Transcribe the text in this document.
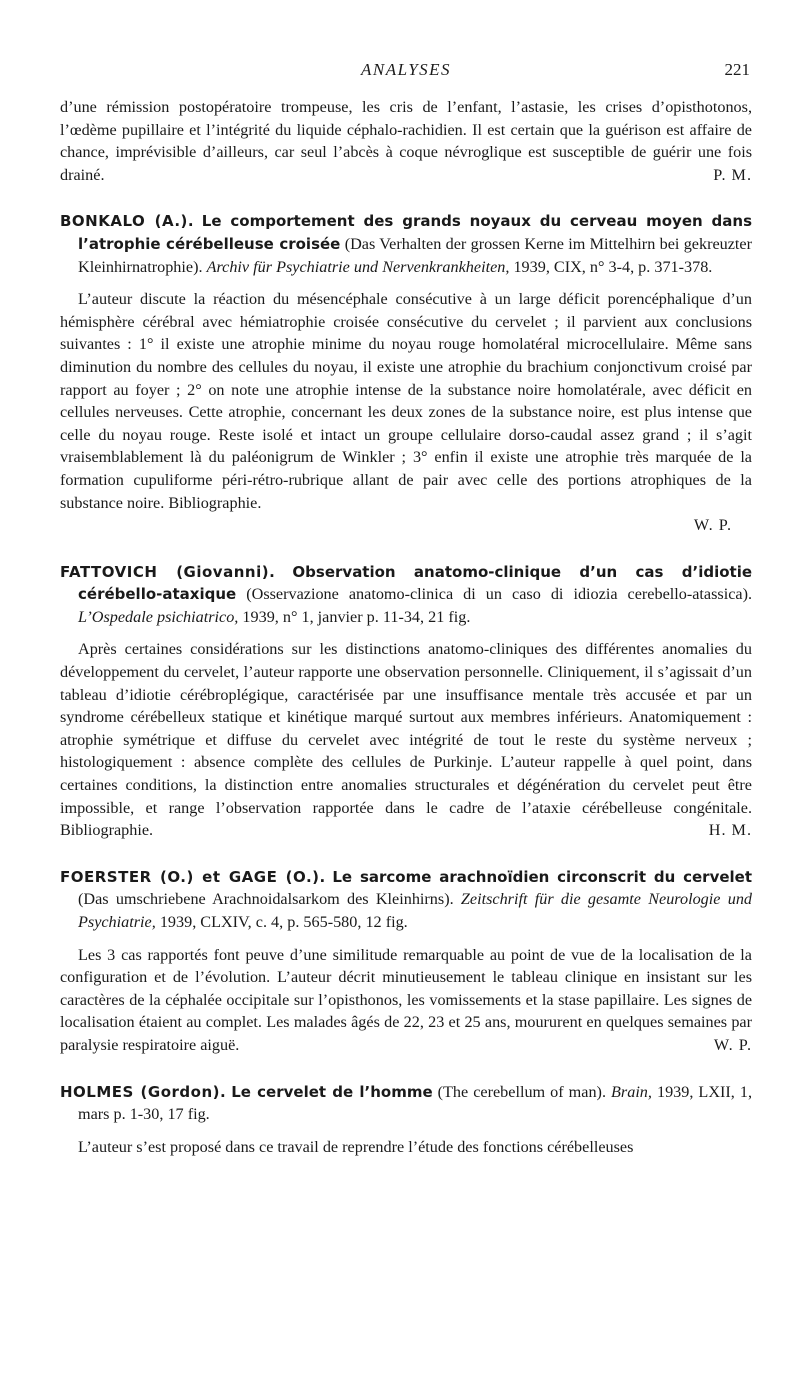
ANALYSES	221

d’une rémission postopératoire trompeuse, les cris de l’enfant, l’astasie, les crises d’opisthotonos, l’œdème pupillaire et l’intégrité du liquide céphalo-rachidien. Il est certain que la guérison est affaire de chance, imprévisible d’ailleurs, car seul l’abcès à coque névroglique est susceptible de guérir une fois drainé.	P. M.

BONKALO (A.). Le comportement des grands noyaux du cerveau moyen dans l’atrophie cérébelleuse croisée (Das Verhalten der grossen Kerne im Mittelhirn bei gekreuzter Kleinhirnatrophie). Archiv für Psychiatrie und Nervenkrankheiten, 1939, CIX, n° 3-4, p. 371-378.

L’auteur discute la réaction du mésencéphale consécutive à un large déficit porencéphalique d’un hémisphère cérébral avec hémiatrophie croisée consécutive du cervelet ; il parvient aux conclusions suivantes : 1° il existe une atrophie minime du noyau rouge homolatéral microcellulaire. Même sans diminution du nombre des cellules du noyau, il existe une atrophie du brachium conjonctivum croisé par rapport au foyer ; 2° on note une atrophie intense de la substance noire homolatérale, avec déficit en cellules nerveuses. Cette atrophie, concernant les deux zones de la substance noire, est plus intense que celle du noyau rouge. Reste isolé et intact un groupe cellulaire dorso-caudal assez grand ; il s’agit vraisemblablement là du paléonigrum de Winkler ; 3° enfin il existe une atrophie très marquée de la formation cupuliforme péri-rétro-rubrique allant de pair avec celle des portions atrophiques de la substance noire. Bibliographie.

W. P.

FATTOVICH (Giovanni). Observation anatomo-clinique d’un cas d’idiotie cérébello-ataxique (Osservazione anatomo-clinica di un caso di idiozia cerebello-atassica). L’Ospedale psichiatrico, 1939, n° 1, janvier p. 11-34, 21 fig.

Après certaines considérations sur les distinctions anatomo-cliniques des différentes anomalies du développement du cervelet, l’auteur rapporte une observation personnelle. Cliniquement, il s’agissait d’un tableau d’idiotie cérébroplégique, caractérisée par une insuffisance mentale très accusée et par un syndrome cérébelleux statique et kinétique marqué surtout aux membres inférieurs. Anatomiquement : atrophie symétrique et diffuse du cervelet avec intégrité de tout le reste du système nerveux ; histologiquement : absence complète des cellules de Purkinje. L’auteur rappelle à quel point, dans certaines conditions, la distinction entre anomalies structurales et dégénération du cervelet peut être impossible, et range l’observation rapportée dans le cadre de l’ataxie cérébelleuse congénitale. Bibliographie.	H. M.

FOERSTER (O.) et GAGE (O.). Le sarcome arachnoïdien circonscrit du cervelet (Das umschriebene Arachnoidalsarkom des Kleinhirns). Zeitschrift für die gesamte Neurologie und Psychiatrie, 1939, CLXIV, c. 4, p. 565-580, 12 fig.

Les 3 cas rapportés font peuve d’une similitude remarquable au point de vue de la localisation de la configuration et de l’évolution. L’auteur décrit minutieusement le tableau clinique en insistant sur les caractères de la céphalée occipitale sur l’opisthonos, les vomissements et la stase papillaire. Les signes de localisation étaient au complet. Les malades âgés de 22, 23 et 25 ans, moururent en quelques semaines par paralysie respiratoire aiguë.	W. P.

HOLMES (Gordon). Le cervelet de l’homme (The cerebellum of man). Brain, 1939, LXII, 1, mars p. 1-30, 17 fig.

L’auteur s’est proposé dans ce travail de reprendre l’étude des fonctions cérébelleuses
